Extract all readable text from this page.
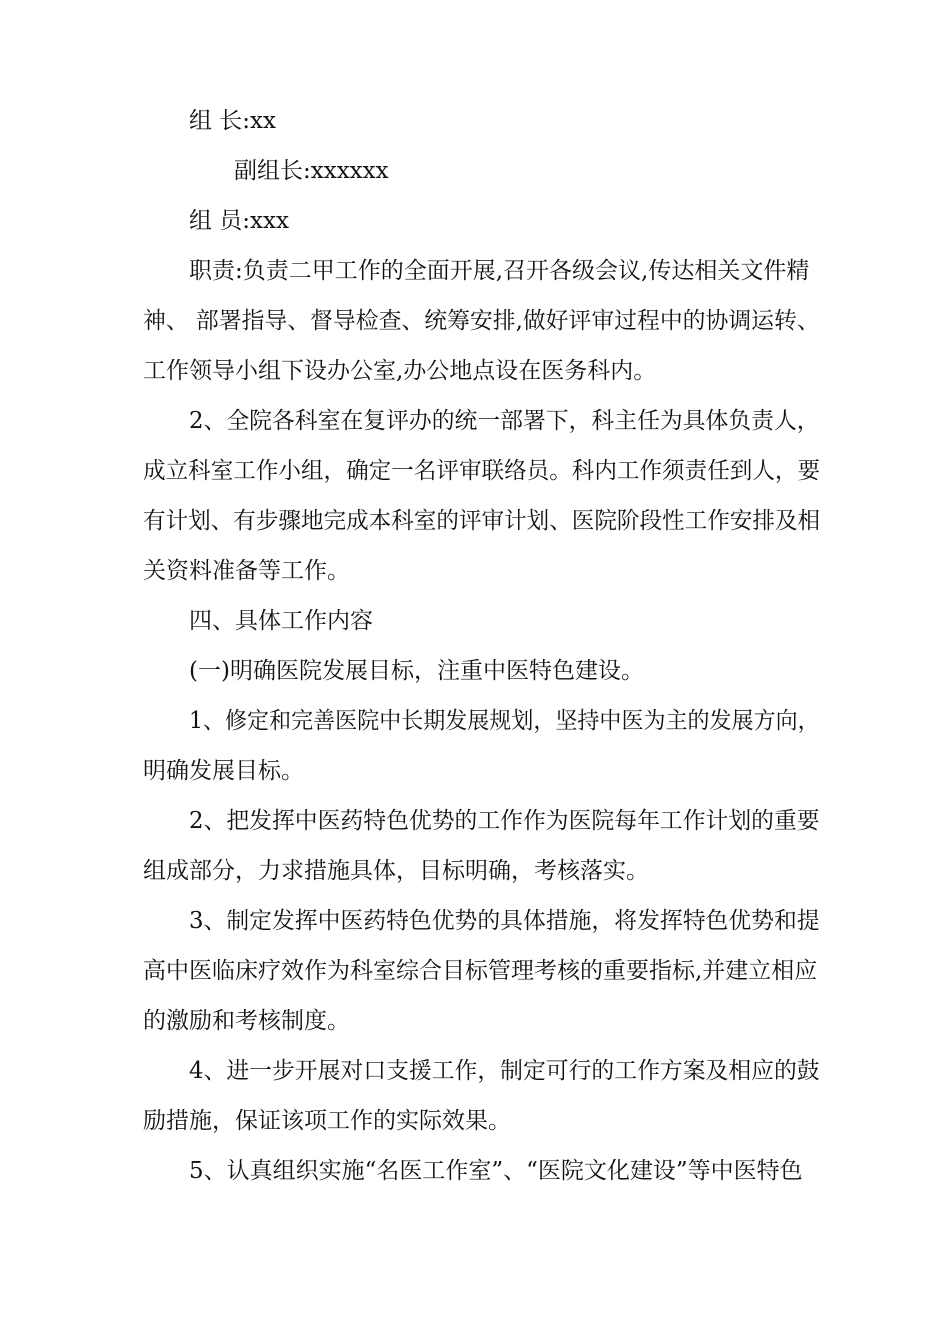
组 长:xx
副组长:xxxxxx
组 员:xxx
职责:负责二甲工作的全面开展,召开各级会议,传达相关文件精
神、 部署指导、督导检查、统筹安排,做好评审过程中的协调运转、
工作领导小组下设办公室,办公地点设在医务科内。
2、全院各科室在复评办的统一部署下，科主任为具体负责人，
成立科室工作小组，确定一名评审联络员。科内工作须责任到人，要
有计划、有步骤地完成本科室的评审计划、医院阶段性工作安排及相
关资料准备等工作。
四、具体工作内容
(一)明确医院发展目标，注重中医特色建设。
1、修定和完善医院中长期发展规划，坚持中医为主的发展方向，
明确发展目标。
2、把发挥中医药特色优势的工作作为医院每年工作计划的重要
组成部分，力求措施具体，目标明确，考核落实。
3、制定发挥中医药特色优势的具体措施，将发挥特色优势和提
高中医临床疗效作为科室综合目标管理考核的重要指标,并建立相应
的激励和考核制度。
4、进一步开展对口支援工作，制定可行的工作方案及相应的鼓
励措施，保证该项工作的实际效果。
5、认真组织实施“名医工作室”、“医院文化建设”等中医特色
